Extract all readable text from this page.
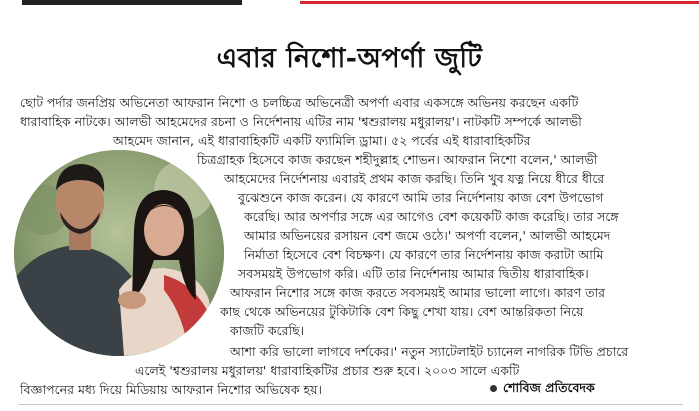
এবার নিশো-অপর্ণা জুটি
ছোট পর্দার জনপ্রিয় অভিনেতা আফরান নিশো ও চলচ্চিত্র অভিনেত্রী অপর্ণা এবার একসঙ্গে অভিনয় করছেন একটি
ধারাবাহিক নাটকে। আলভী আহমেদের রচনা ও নির্দেশনায় এটির নাম 'শ্বশুরালয় মধুরালয়'। নাটকটি সম্পর্কে আলভী
আহমেদ জানান, এই ধারাবাহিকটি একটি ফ্যামিলি ড্রামা। ৫২ পর্বের এই ধারাবাহিকটির
চিত্রগ্রাহক হিসেবে কাজ করছেন শহীদুল্লাহ শোভন। আফরান নিশো বলেন,' আলভী
আহমেদের নির্দেশনায় এবারই প্রথম কাজ করছি। তিনি খুব যত্ন নিয়ে ধীরে ধীরে
বুঝেশুনে কাজ করেন। যে কারণে আমি তার নির্দেশনায় কাজ বেশ উপভোগ
করেছি। আর অপর্ণার সঙ্গে এর আগেও বেশ কয়েকটি কাজ করেছি। তার সঙ্গে
আমার অভিনয়ের রসায়ন বেশ জমে ওঠে।' অপর্ণা বলেন,' আলভী আহমেদ
নির্মাতা হিসেবে বেশ বিচক্ষণ। যে কারণে তার নির্দেশনায় কাজ করাটা আমি
সবসময়ই উপভোগ করি। এটি তার নির্দেশনায় আমার দ্বিতীয় ধারাবাহিক।
আফরান নিশোর সঙ্গে কাজ করতে সবসময়ই আমার ভালো লাগে। কারণ তার
কাছ থেকে অভিনয়ের টুকিটাকি বেশ কিছু শেখা যায়। বেশ আন্তরিকতা নিয়ে
কাজটি করেছি।
আশা করি ভালো লাগবে দর্শকের।' নতুন স্যাটেলাইট চ্যানেল নাগরিক টিভি প্রচারে
এলেই 'শ্বশুরালয় মধুরালয়' ধারাবাহিকটির প্রচার শুরু হবে। ২০০৩ সালে একটি
বিজ্ঞাপনের মধ্য দিয়ে মিডিয়ায় আফরান নিশোর অভিষেক হয়।	শোবিজ প্রতিবেদক
